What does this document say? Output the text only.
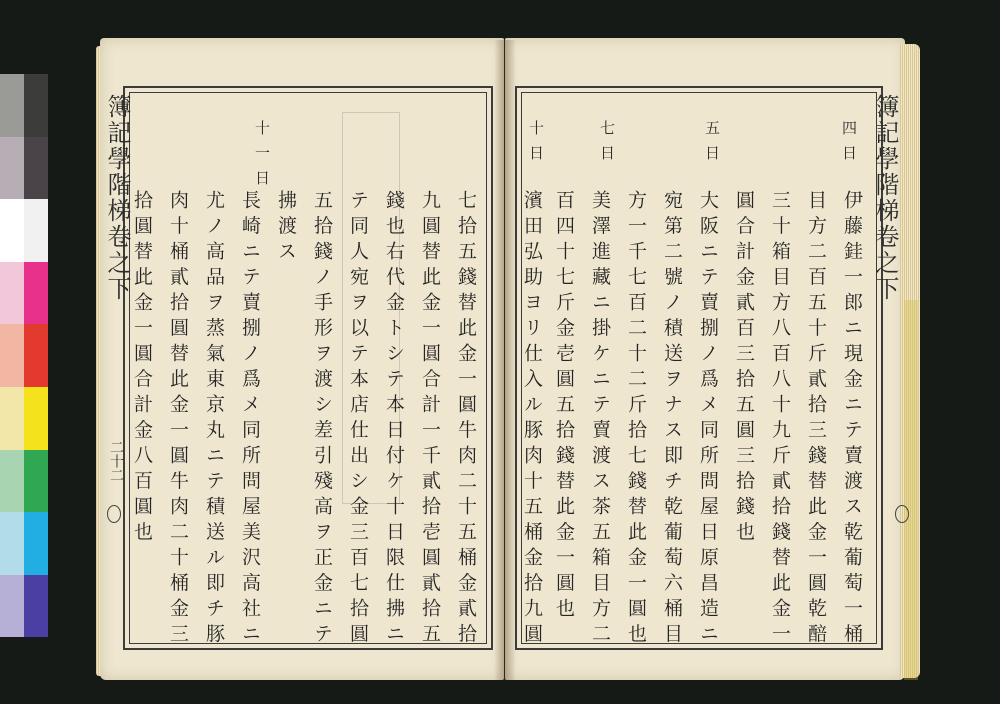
簿記學階梯卷之下
二十二	七拾五錢替此金一圓牛肉二十五桶金貳拾
九圓替此金一圓合計一千貳拾壱圓貳拾五
錢也右代金トシテ本日付ケ十日限仕拂ニ
テ同人宛ヲ以テ本店仕出シ金三百七拾圓
五拾錢ノ手形ヲ渡シ差引殘高ヲ正金ニテ
拂渡ス
十一日
長崎ニテ賣捌ノ爲メ同所問屋美沢高社ニ
尤ノ高品ヲ蒸氣東京丸ニテ積送ル即チ豚
肉十桶貳拾圓替此金一圓牛肉二十桶金三
拾圓替此金一圓合計金八百圓也	簿記學階梯卷之下
四日
伊藤銈一郎ニ現金ニテ賣渡ス乾葡萄一桶
目方二百五十斤貳拾三錢替此金一圓乾醅
三十箱目方八百八十九斤貳拾錢替此金一
圓合計金貳百三拾五圓三拾錢也
五日
大阪ニテ賣捌ノ爲メ同所問屋日原昌造ニ
宛第二號ノ積送ヲナス即チ乾葡萄六桶目
方一千七百二十二斤拾七錢替此金一圓也
七日
美澤進藏ニ掛ケニテ賣渡ス茶五箱目方二
百四十七斤金壱圓五拾錢替此金一圓也
十日
濱田弘助ヨリ仕入ル豚肉十五桶金拾九圓
